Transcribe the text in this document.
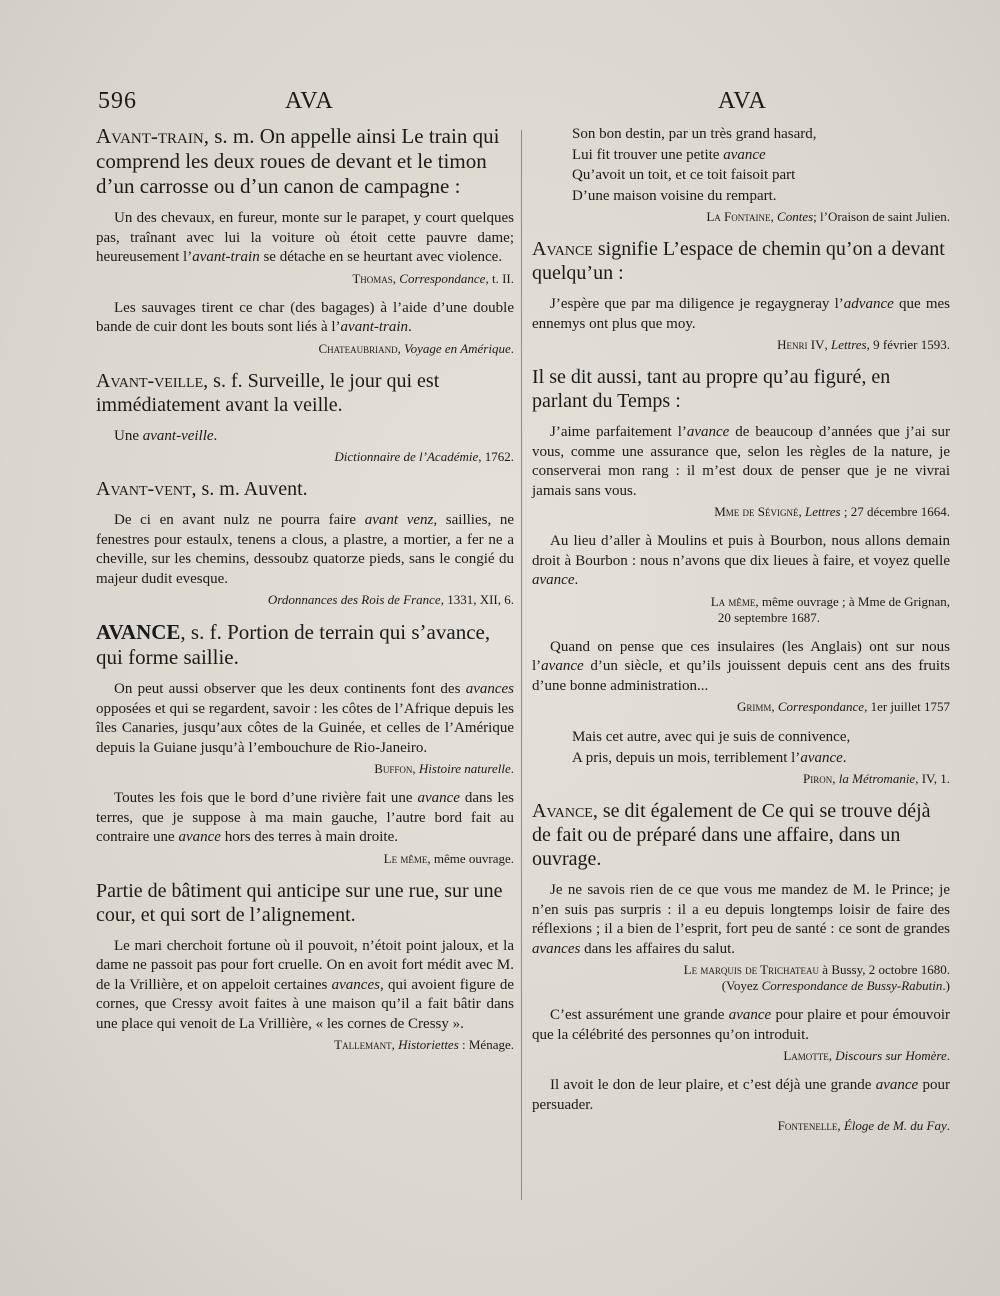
596	AVA	AVA

Avant-train, s. m. On appelle ainsi Le train qui comprend les deux roues de devant et le timon d’un carrosse ou d’un canon de campagne :

Un des chevaux, en fureur, monte sur le parapet, y court quelques pas, traînant avec lui la voiture où étoit cette pauvre dame; heureusement l’avant-train se détache en se heurtant avec violence.

Thomas, Correspondance, t. II.

Les sauvages tirent ce char (des bagages) à l’aide d’une double bande de cuir dont les bouts sont liés à l’avant-train.

Chateaubriand, Voyage en Amérique.

Avant-veille, s. f. Surveille, le jour qui est immédiatement avant la veille.

Une avant-veille.

Dictionnaire de l’Académie, 1762.

Avant-vent, s. m. Auvent.

De ci en avant nulz ne pourra faire avant venz, saillies, ne fenestres pour estaulx, tenens a clous, a plastre, a mortier, a fer ne a cheville, sur les chemins, dessoubz quatorze pieds, sans le congié du majeur dudit evesque.

Ordonnances des Rois de France, 1331, XII, 6.

AVANCE, s. f. Portion de terrain qui s’avance, qui forme saillie.

On peut aussi observer que les deux continents font des avances opposées et qui se regardent, savoir : les côtes de l’Afrique depuis les îles Canaries, jusqu’aux côtes de la Guinée, et celles de l’Amérique depuis la Guiane jusqu’à l’embouchure de Rio-Janeiro.

Buffon, Histoire naturelle.

Toutes les fois que le bord d’une rivière fait une avance dans les terres, que je suppose à ma main gauche, l’autre bord fait au contraire une avance hors des terres à main droite.

Le même, même ouvrage.

Partie de bâtiment qui anticipe sur une rue, sur une cour, et qui sort de l’alignement.

Le mari cherchoit fortune où il pouvoit, n’étoit point jaloux, et la dame ne passoit pas pour fort cruelle. On en avoit fort médit avec M. de la Vrillière, et on appeloit certaines avances, qui avoient figure de cornes, que Cressy avoit faites à une maison qu’il a fait bâtir dans une place qui venoit de La Vrillière, « les cornes de Cressy ».

Tallemant, Historiettes : Ménage.

Son bon destin, par un très grand hasard,
Lui fit trouver une petite avance
Qu’avoit un toit, et ce toit faisoit part
D’une maison voisine du rempart.

La Fontaine, Contes; l’Oraison de saint Julien.

Avance signifie L’espace de chemin qu’on a devant quelqu’un :

J’espère que par ma diligence je regaygneray l’advance que mes ennemys ont plus que moy.

Henri IV, Lettres, 9 février 1593.

Il se dit aussi, tant au propre qu’au figuré, en parlant du Temps :

J’aime parfaitement l’avance de beaucoup d’années que j’ai sur vous, comme une assurance que, selon les règles de la nature, je conserverai mon rang : il m’est doux de penser que je ne vivrai jamais sans vous.

Mme de Sévigné, Lettres ; 27 décembre 1664.

Au lieu d’aller à Moulins et puis à Bourbon, nous allons demain droit à Bourbon : nous n’avons que dix lieues à faire, et voyez quelle avance.

La même, même ouvrage ; à Mme de Grignan,

20 septembre 1687.

Quand on pense que ces insulaires (les Anglais) ont sur nous l’avance d’un siècle, et qu’ils jouissent depuis cent ans des fruits d’une bonne administration...

Grimm, Correspondance, 1er juillet 1757

Mais cet autre, avec qui je suis de connivence,
A pris, depuis un mois, terriblement l’avance.

Piron, la Métromanie, IV, 1.

Avance, se dit également de Ce qui se trouve déjà de fait ou de préparé dans une affaire, dans un ouvrage.

Je ne savois rien de ce que vous me mandez de M. le Prince; je n’en suis pas surpris : il a eu depuis longtemps loisir de faire des réflexions ; il a bien de l’esprit, fort peu de santé : ce sont de grandes avances dans les affaires du salut.

Le marquis de Trichateau à Bussy, 2 octobre 1680.

(Voyez Correspondance de Bussy-Rabutin.)

C’est assurément une grande avance pour plaire et pour émouvoir que la célébrité des personnes qu’on introduit.

Lamotte, Discours sur Homère.

Il avoit le don de leur plaire, et c’est déjà une grande avance pour persuader.

Fontenelle, Éloge de M. du Fay.
